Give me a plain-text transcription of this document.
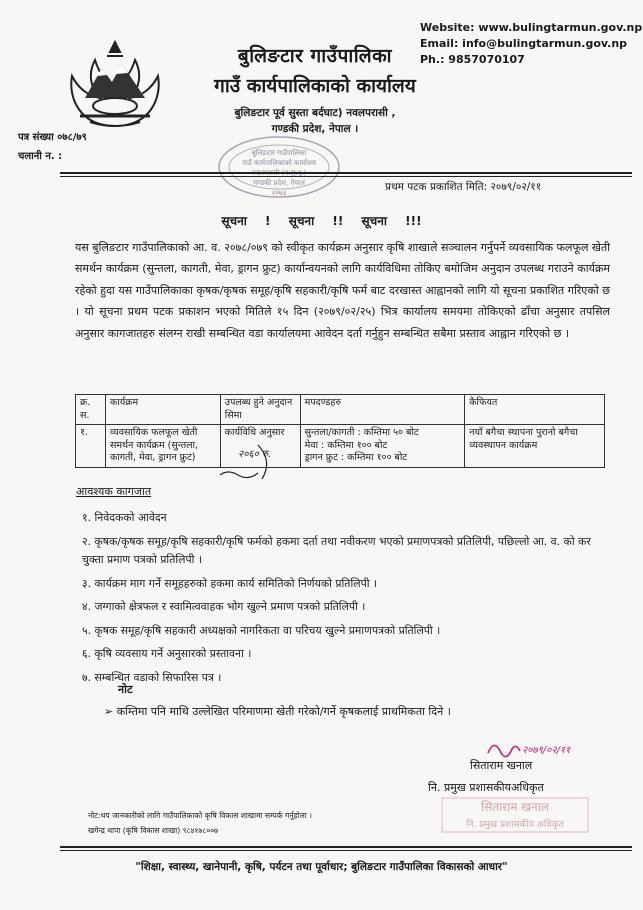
Website: www.bulingtarmun.gov.np
Email: info@bulingtarmun.gov.np
Ph.: 9857070107
बुलिङटार गाउँपालिका
गाउँ कार्यपालिकाको कार्यालय
बुलिङटार पूर्व सुस्ता बर्दघाट) नवलपरासी ,
गण्डकी प्रदेश, नेपाल ।
पत्र संख्या ०७८/७९
चलानी न. :	बुलिङटार गाउँपालिका
गाउँ कार्यपालिकाको कार्यालय
गण्डकी प्रदेश, नेपाल
२०७३	प्रथम पटक प्रकाशित मिति: २०७९/०२/११
सूचना ! सूचना !! सूचना !!!
यस बुलिङटार गाउँपालिकाको आ. व. २०७८/०७९ को स्वीकृत कार्यक्रम अनुसार कृषि शाखाले सञ्चालन गर्नुपर्ने व्यवसायिक फलफूल खेती समर्थन कार्यक्रम (सुन्तला, कागती, मेवा, ड्रागन फ्रुट) कार्यान्वयनको लागि कार्यविधिमा तोकिए बमोजिम अनुदान उपलब्ध गराउने कार्यक्रम रहेको हुदा यस गाउँपालिकाका कृषक/कृषक समूह/कृषि सहकारी/कृषि फर्म बाट दरखास्त आह्वानको लागि यो सूचना प्रकाशित गरिएको छ । यो सूचना प्रथम पटक प्रकाशन भएको मितिले १५ दिन (२०७९/०२/२५) भित्र कार्यालय समयमा तोकिएको ढाँचा अनुसार तपसिल अनुसार कागजातहरु संलग्न राखी सम्बन्धित वडा कार्यालयमा आवेदन दर्ता गर्नुहुन सम्बन्धित सबैमा प्रस्ताव आह्वान गरिएको छ ।
क्र. स.	कार्यक्रम	उपलब्ध हुने अनुदान सिमा	मपदण्डहरु	कैफियत
१.	व्यवसायिक फलफूल खेती समर्थन कार्यक्रम (सुन्तला, कागती, मेवा, ड्रागन फ्रुट)	कार्यविधि अनुसार	सुन्तला/कागती : कम्तिमा ५० बोट
मेवा : कम्तिमा १०० बोट
ड्रागन फ्रुट : कम्तिमा १०० बोट	नयाँ बगैचा स्थापना पुरानो बगैचा व्यवस्थापन कार्यक्रम
२०६० रु.
आवश्यक कागजात
१. निवेदकको आवेदन
२. कृषक/कृषक समूह/कृषि सहकारी/कृषि फर्मको हकमा दर्ता तथा नवीकरण भएको प्रमाणपत्रको प्रतिलिपी, पछिल्लो आ. व. को कर चुक्ता प्रमाण पत्रको प्रतिलिपी ।
३. कार्यक्रम माग गर्ने समूहहरुको हकमा कार्य समितिको निर्णयको प्रतिलिपी ।
४. जग्गाको क्षेत्रफल र स्वामित्ववाहक भोग खुल्ने प्रमाण पत्रको प्रतिलिपी ।
५. कृषक समूह/कृषि सहकारी अध्यक्षको नागरिकता वा परिचय खुल्ने प्रमाणपत्रको प्रतिलिपी ।
६. कृषि व्यवसाय गर्ने अनुसारको प्रस्तावना ।
७. सम्बन्धित वडाको सिफारिस पत्र ।
नोट
➢ कम्तिमा पनि माथि उल्लेखित परिमाणमा खेती गरेको/गर्ने कृषकलाई प्राथमिकता दिने ।
२०७९/०२/११
सिताराम खनाल
नि. प्रमुख प्रशासकीयअधिकृत
सिताराम खनाल
नि. प्रमुख प्रशासकीय अधिकृत
नोट:थप जानकारीको लागि गाउँपालिकाको कृषि विकास शाखामा सम्पर्क गर्नुहोला ।
खगेन्द्र थापा (कृषि विकास शाखा) ९८४१७८००७
"शिक्षा, स्वास्थ्य, खानेपानी, कृषि, पर्यटन तथा पूर्वाधार; बुलिङटार गाउँपालिका विकासको आधार"
